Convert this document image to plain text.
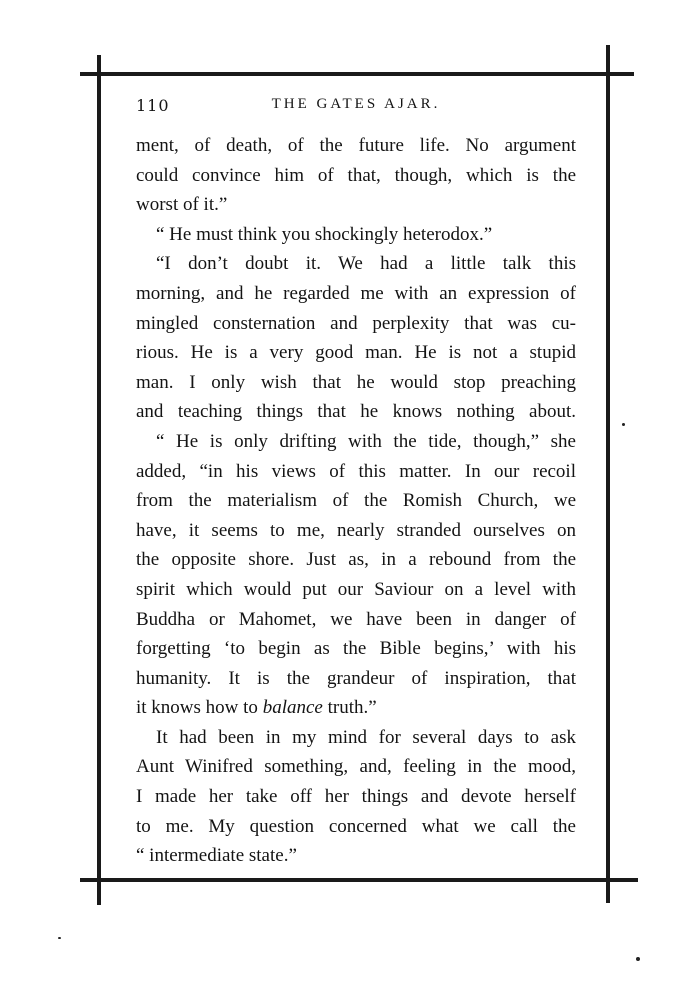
110	THE GATES AJAR.
ment, of death, of the future life. No argument
could convince him of that, though, which is the
worst of it.”
“ He must think you shockingly heterodox.”
“I don’t doubt it. We had a little talk this
morning, and he regarded me with an expression of
mingled consternation and perplexity that was cu-
rious. He is a very good man. He is not a stupid
man. I only wish that he would stop preaching
and teaching things that he knows nothing about.
“ He is only drifting with the tide, though,” she
added, “in his views of this matter. In our recoil
from the materialism of the Romish Church, we
have, it seems to me, nearly stranded ourselves on
the opposite shore. Just as, in a rebound from the
spirit which would put our Saviour on a level with
Buddha or Mahomet, we have been in danger of
forgetting ‘to begin as the Bible begins,’ with his
humanity. It is the grandeur of inspiration, that
it knows how to balance truth.”
It had been in my mind for several days to ask
Aunt Winifred something, and, feeling in the mood,
I made her take off her things and devote herself
to me. My question concerned what we call the
“ intermediate state.”
